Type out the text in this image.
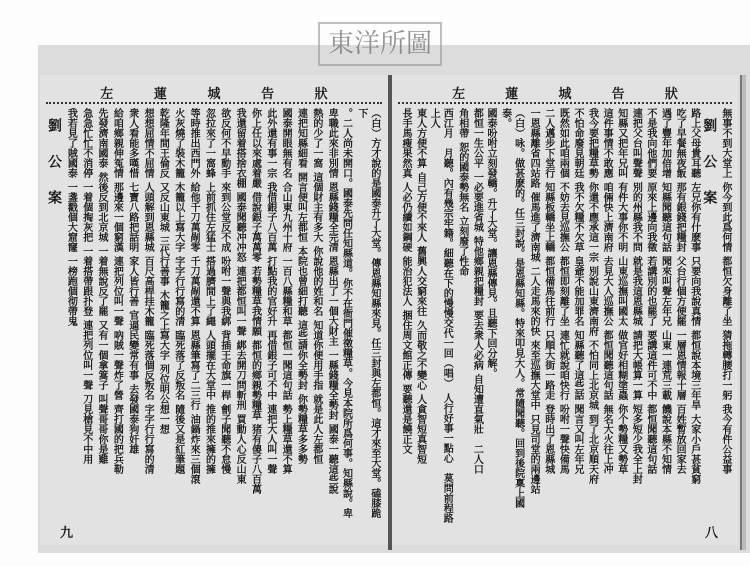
東洋所圖
左	蓮	城	告	狀
（白）方才說的是國泰升了大堂。傳恩縣知縣來見。任三封與左都恒。這才來至大堂。磕膝跪下
。二人尚未開口。國泰先問任知縣道。你不在衙門催徵糧草。今見本院所爲何事。知縣說。卑
卑職此來非別情
恩縣錢糧全完清
恩縣出了一個大財主
一縣錢糧全勢封
國泰一聽這些說
熱的少了一窩
這個財主有多大
你說他的姓和名
知道你便用手指
就是此人左都恒
連把知縣細看
開言便叫左都恒
本院也曾細打聽
這些請你全勢封
你勢糧草多多勢
國泰開眼無有名
合山東九州十府
一百八縣糧和草
都恒一聞這句話
勢上糧草還不算
此外還有事一宗
我借銀子八百萬
打點我的官好升
再借銀子可不中
連把大人叫一聲
你上任以來處着嚴
借說銀子萬萬零
若勢糧草我情願
都恒的鄉親勢糧草
猪有傻子八百萬
我還留着搭捨衣棚
國泰聞聽冲冲怒
連把都恒叫一聲
綁去開刀問斬刑
買動人心反山東
欲反何不早動手
來到公堂反不成
吩咐一聲與我綁
背插王命旗一桿
劊子聞聽不怠慢
忽拉來了一窩蜂
上前抓住左猛士
搭過臍間上了繩
人頭擺在大堂中
推的推來擁的擁
等時推出西門外
給他千刀萬剮零
千刀萬剮還不算
恩縣筆寫了二三行
油鍋炸來三個滾
火灰燒了裝木籠
木籠以上寫大字
字字行行寫的清
臨死落了反叛名
隨後又是紅筆題
乾隆年間王倫反
又反山東城
三代行善事
木籠之上寫大字
列位明公想一想
想想屈情不屈情
人頭解到恩縣城
百尺高桿挂木籠
臨死落個反叛名
字字行行寫的清
衆人看能多嘆惜
七寶八路把話明
家人皆行善
官逼民變常有事
去發國泰狗奸雄
給咱鄉親伸冤情
那邊來一個窮漢
連把列位叫一聲
吶賊一聲炸了營
齊打國的把兵勒
先發濟南國泰
然後反到北京城
一着無說反了罷
又有一個拿篙子
叫聲哥哥你是雞
急急忙忙不消停
一着個掏灰把
一着搭帶跟扑登
連把列位叫一聲
刀見槍見不中用
我若見了賊國泰
一盞戳個大窟窿
一榜跑個彻帶鬼
劉公案
九
左	蓮	城	告	狀
無事不到大堂上
你今到此爲何情
都恒欠身離了坐
猜拖轉腰打一躬
我今有件公益事
劉公案
路上父母貴耳聽
左兄你有什麽事
只要向我說真情
都恒說本境三年旱
大家小戶甚貧窮
吃了早餐無夜飯
那有銀錢把糧封
父台行個方便罷
一層恩情報十層
百姓暫放回家去
遇了豐年加倍增
知縣聞聽這句話
聞來叫聲左年兄
山東一連荒三載
饑說本縣不知情
不是我向他們要
原來上邊向我徵
若講別的也罷了
要講這件可不中
都恒聞聽這句話
連把父台叫聲聲
別的州縣我不問
就是我這恩縣城
請把大帳算一算
短多短少我全上封
知縣又把年兄叫
有件大事你不明
山東巡撫叫國太
做官好相糊塗蟲
你个勢糧又勢草
這件事情不敢應
咱倆快上濟南府
去見大人巡撫公
都恒聞聽這句話
無名大火往上冲
我今要把糧草勢
你還不應承這一宗
別說山東濟南府
不怕同上北京城
到了北京順天府
不怕命廢見朝廷
我不欠糧不欠草
皇爺不能加罪名
知縣聽了這些話
聞言又叫左年兄
既然如此咱兩個
不妨去見巡撫公
都恒即刻離了坐
連忙就說咱快行
吩咐一聲快備馬
二人邁步下堂行
知縣板轎坐上轎
都恒備馬往前行
只順大街一路走
登時出了恩縣城
一恩縣離省四站路
催馬進了濟南城
二人走馬來的快
來至巡撫大堂中
只見司堂的兩邊站
（白）咏。做甚麽的。任三封說。是恩縣知縣。特來叩見大人。常隨聞聽。回到後院稟上國泰。
國泰吩咐立刻發轎。升了大堂。讓恩縣傳見。且聽下回分解。
都恒一生公平
一必要進省城
特他鄉親把糧封
要去衆人必病
自知遭直氣壯　二人口
角相帶
恕的國泰勢無名
立刻廢了性命
西江月　月聽。內有幾宗牢籍。細聽在下的慢慢交代一回（唱）　人行好事一點心　莫問前程路上人
東人方便不算
自己方便不來人
舊興人交窮來往
久而敬之不變心
人貪智短真智短
長手馬瘦果然真
人必仍續如鋼硬
能治犯法人
捆住周文館正傳
要聽還是饒正文
八
